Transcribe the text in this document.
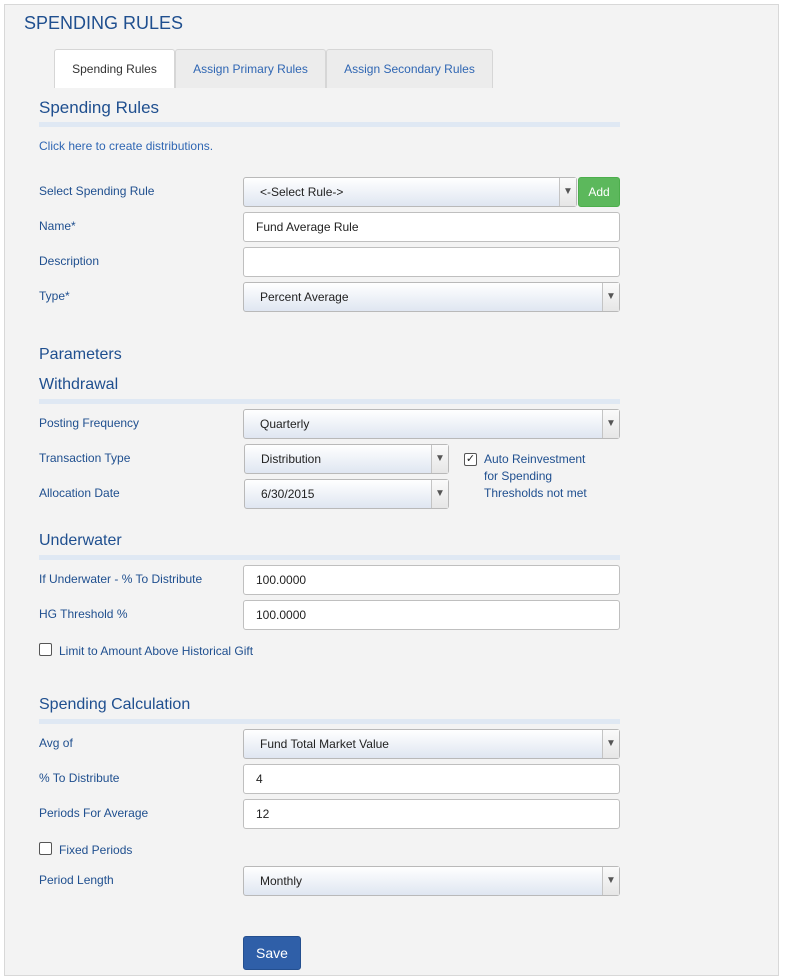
SPENDING RULES
Spending Rules	Assign Primary Rules	Assign Secondary Rules
Spending Rules
Click here to create distributions.
Select Spending Rule	<-Select Rule->	▼	Add
Name*	Fund Average Rule
Description
Type*	Percent Average	▼
Parameters
Withdrawal
Posting Frequency	Quarterly	▼
Transaction Type	Distribution	▼
Allocation Date	6/30/2015	▼
✓ Auto Reinvestment for Spending Thresholds not met
Underwater
If Underwater - % To Distribute	100.0000
HG Threshold %	100.0000
Limit to Amount Above Historical Gift
Spending Calculation
Avg of	Fund Total Market Value	▼
% To Distribute	4
Periods For Average	12
Fixed Periods
Period Length	Monthly	▼
Save
